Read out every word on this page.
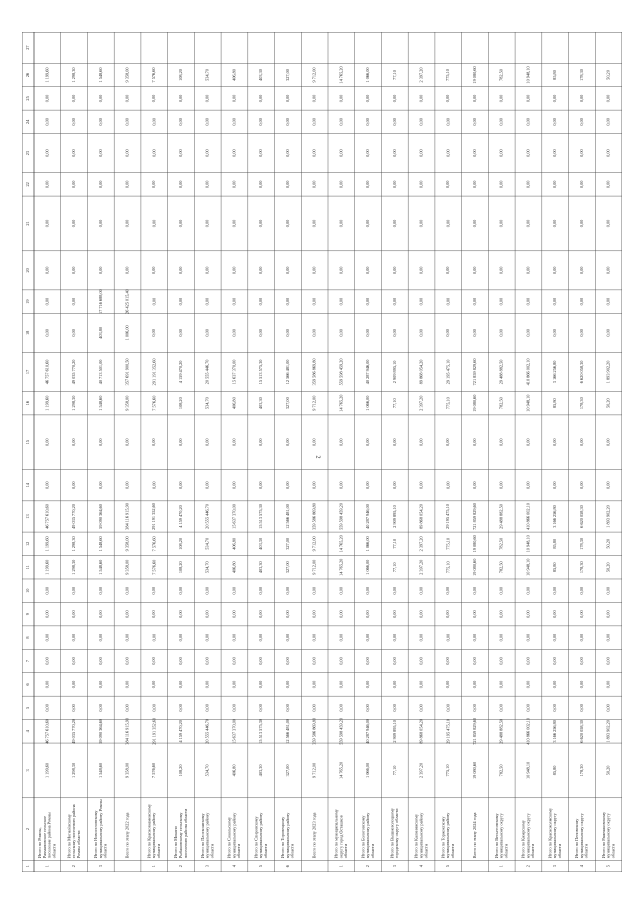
2
1
2
3
4
5
6
7
8
9
10
11
12
13
14
15
16
17
18
19
20
21
22
23
24
25
26
27
1
Итого по Ромны, Рахмановское сельское поселение района Ромны области
1 199,60
46 757 610,60
0,00
0,00
0,00
0,00
0,00
0,00
1 199,60
1 199,60
46 757 610,60
0,00
0,00
1 199,60
46 757 610,60
0,00
0,00
0,00
0,00
0,00
0,00
0,00
0,00
1 199,60
2
Итого по Могилёвскому сельскому поселению района Ромны области
1 298,30
49 035 770,20
0,00
0,00
0,00
0,00
0,00
0,00
1 298,30
1 298,30
49 035 770,20
0,00
0,00
1 298,30
49 035 770,20
0,00
0,00
0,00
0,00
0,00
0,00
0,00
0,00
1 298,30
3
Итого по Новоселовскому муниципальному району Ромны области
1 548,60
59 090 364,60
0,00
0,00
0,00
0,00
0,00
0,00
1 548,60
1 548,60
59 090 364,60
0,00
0,00
1 548,60
40 713 501,00
403,80
17 716 688,00
0,00
0,00
0,00
0,00
0,00
0,00
1 548,60
Всего по этапу 2022 года
9 358,00
384 116 915,90
0,00
0,00
0,00
0,00
0,00
0,00
9 358,00
9 358,00
384 116 915,90
0,00
0,00
9 358,00
357 691 900,50
1 006,00
26 425 015,40
0,00
0,00
0,00
0,00
0,00
0,00
9 358,00
1
Итого по Краснознаменскому муниципальному району области
7 576,60
291 191 352,60
0,00
0,00
0,00
0,00
0,00
0,00
7 576,60
7 576,60
291 191 352,60
0,00
0,00
7 576,60
291 191 352,60
0,00
0,00
0,00
0,00
0,00
0,00
0,00
0,00
7 576,60
2
Итого по Мокино Рыбаковскому сельскому поселению района области
108,20
4 159 470,20
0,00
0,00
0,00
0,00
0,00
0,00
108,20
108,20
4 159 470,20
0,00
0,00
108,20
4 159 470,20
0,00
0,00
0,00
0,00
0,00
0,00
0,00
0,00
108,20
3
Итого по Плоскошскому муниципальному району области
534,70
20 555 446,70
0,00
0,00
0,00
0,00
0,00
0,00
534,70
534,70
20 555 446,70
0,00
0,00
534,70
20 555 446,70
0,00
0,00
0,00
0,00
0,00
0,00
0,00
0,00
534,70
4
Итого по Сокольскому муниципальному району области
406,80
15 637 370,00
0,00
0,00
0,00
0,00
0,00
0,00
406,80
406,80
15 637 370,00
0,00
0,00
406,80
15 637 370,00
0,00
0,00
0,00
0,00
0,00
0,00
0,00
0,00
406,80
5
Итого по Спировскому муниципальному району области
403,30
15 513 575,30
0,00
0,00
0,00
0,00
0,00
0,00
403,30
403,30
15 513 575,30
0,00
0,00
403,30
15 513 575,30
0,00
0,00
0,00
0,00
0,00
0,00
0,00
0,00
403,30
6
Итого по Торопецкому муниципальному району области
327,00
12 566 481,00
0,00
0,00
0,00
0,00
0,00
0,00
327,00
327,00
12 566 481,00
0,00
0,00
327,00
12 566 481,00
0,00
0,00
0,00
0,00
0,00
0,00
0,00
0,00
327,00
Всего по этапу 2023 года
9 712,00
359 586 869,80
0,00
0,00
0,00
0,00
0,00
0,00
9 712,00
9 712,00
359 586 869,80
0,00
0,00
9 712,00
359 586 869,80
0,00
0,00
0,00
0,00
0,00
0,00
0,00
0,00
9 712,00
1
Итого по муниципальному округу город Осташков области
14 765,20
559 598 459,20
0,00
0,00
0,00
0,00
0,00
0,00
14 765,20
14 765,20
559 598 459,20
0,00
0,00
14 765,20
559 598 459,20
0,00
0,00
0,00
0,00
0,00
0,00
0,00
0,00
14 765,20
2
Итого по Бологовскому муниципальному району области
1 066,00
40 287 946,00
0,00
0,00
0,00
0,00
0,00
0,00
1 066,00
1 066,00
40 287 946,00
0,00
0,00
1 066,00
40 287 946,00
0,00
0,00
0,00
0,00
0,00
0,00
0,00
0,00
1 066,00
3
Итого по Вышневолоцкому городскому округу области
77,10
2 909 895,10
0,00
0,00
0,00
0,00
0,00
0,00
77,10
77,10
2 909 895,10
0,00
0,00
77,10
2 909 895,10
0,00
0,00
0,00
0,00
0,00
0,00
0,00
0,00
77,10
4
Итого по Калининскому муниципальному району области
2 397,20
89 868 054,20
0,00
0,00
0,00
0,00
0,00
0,00
2 397,20
2 397,20
89 868 054,20
0,00
0,00
2 397,20
89 868 054,20
0,00
0,00
0,00
0,00
0,00
0,00
0,00
0,00
2 397,20
5
Итого по Торжокскому муниципальному району области
775,10
29 195 475,10
0,00
0,00
0,00
0,00
0,00
0,00
775,10
775,10
29 195 475,10
0,00
0,00
775,10
29 195 475,10
0,00
0,00
0,00
0,00
0,00
0,00
0,00
0,00
775,10
Всего по этапу 2024 года
19 080,60
721 859 829,60
0,00
0,00
0,00
0,00
0,00
0,00
19 080,60
19 080,60
721 859 829,60
0,00
0,00
19 080,60
721 859 829,60
0,00
0,00
0,00
0,00
0,00
0,00
0,00
0,00
19 080,60
1
Итого по Весьегонскому муниципальному округу области
782,50
29 488 882,50
0,00
0,00
0,00
0,00
0,00
0,00
782,50
782,50
29 488 882,50
0,00
0,00
782,50
29 488 882,50
0,00
0,00
0,00
0,00
0,00
0,00
0,00
0,00
782,50
2
Итого по Кимрскому муниципальному округу области
10 948,10
410 866 002,10
0,00
0,00
0,00
0,00
0,00
0,00
10 948,10
10 948,10
410 866 002,10
0,00
0,00
10 948,10
410 866 002,10
0,00
0,00
0,00
0,00
0,00
0,00
0,00
0,00
10 948,10
3
Итого по Краснохолмскому муниципальному округу области
85,80
3 166 256,80
0,00
0,00
0,00
0,00
0,00
0,00
85,80
85,80
3 166 256,80
0,00
0,00
85,80
3 166 256,80
0,00
0,00
0,00
0,00
0,00
0,00
0,00
0,00
85,80
4
Итого по Пеновскому муниципальному округу области
178,30
6 620 058,30
0,00
0,00
0,00
0,00
0,00
0,00
178,30
178,30
6 620 058,30
0,00
0,00
178,30
6 620 058,30
0,00
0,00
0,00
0,00
0,00
0,00
0,00
0,00
178,30
5
Итого по Рамешковскому муниципальному округу области
50,20
1 893 902,20
0,00
0,00
0,00
0,00
0,00
0,00
50,20
50,20
1 893 902,20
0,00
0,00
50,20
1 893 902,20
0,00
0,00
0,00
0,00
0,00
0,00
0,00
0,00
50,20
